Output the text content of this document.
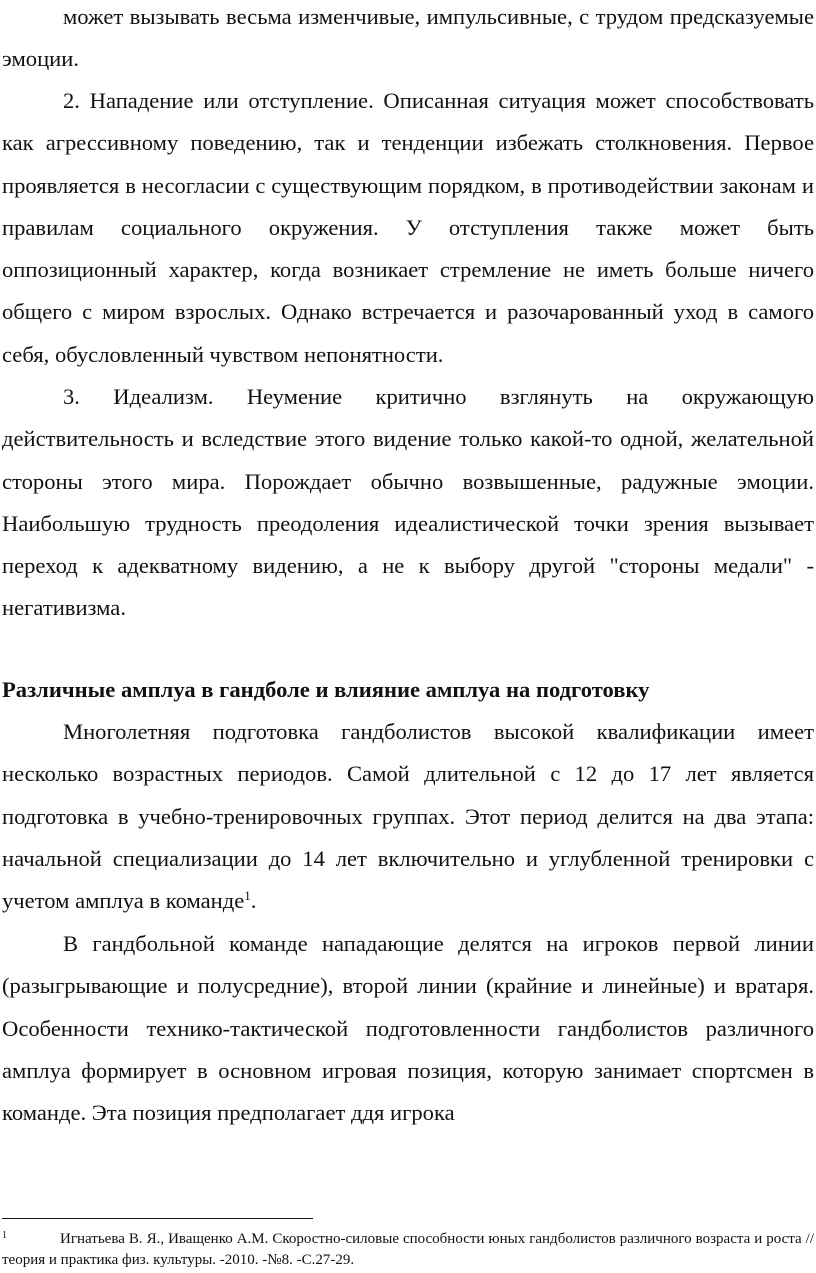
может вызывать весьма изменчивые, импульсивные, с трудом предсказуемые эмоции.

2. Нападение или отступление. Описанная ситуация может способствовать как агрессивному поведению, так и тенденции избежать столкновения. Первое проявляется в несогласии с существующим порядком, в противодействии законам и правилам социального окружения. У отступления также может быть оппозиционный характер, когда возникает стремление не иметь больше ничего общего с миром взрослых. Однако встречается и разочарованный уход в самого себя, обусловленный чувством непонятности.

3. Идеализм. Неумение критично взглянуть на окружающую действительность и вследствие этого видение только какой-то одной, желательной стороны этого мира. Порождает обычно возвышенные, радужные эмоции. Наибольшую трудность преодоления идеалистической точки зрения вызывает переход к адекватному видению, а не к выбору другой "стороны медали" - негативизма.

Различные амплуа в гандболе и влияние амплуа на подготовку

Многолетняя подготовка гандболистов высокой квалификации имеет несколько возрастных периодов. Самой длительной с 12 до 17 лет является подготовка в учебно-тренировочных группах. Этот период делится на два этапа: начальной специализации до 14 лет включительно и углубленной тренировки с учетом амплуа в команде$^1$.

В гандбольной команде нападающие делятся на игроков первой линии (разыгрывающие и полусредние), второй линии (крайние и линейные) и вратаря. Особенности технико-тактической подготовленности гандболистов различного амплуа формирует в основном игровая позиция, которую занимает спортсмен в команде. Эта позиция предполагает ддя игрока

1	Игнатьева В. Я., Иващенко А.М. Скоростно-силовые способности юных гандболистов различного возраста и роста // теория и практика физ. культуры. -2010. -№8. -С.27-29.
